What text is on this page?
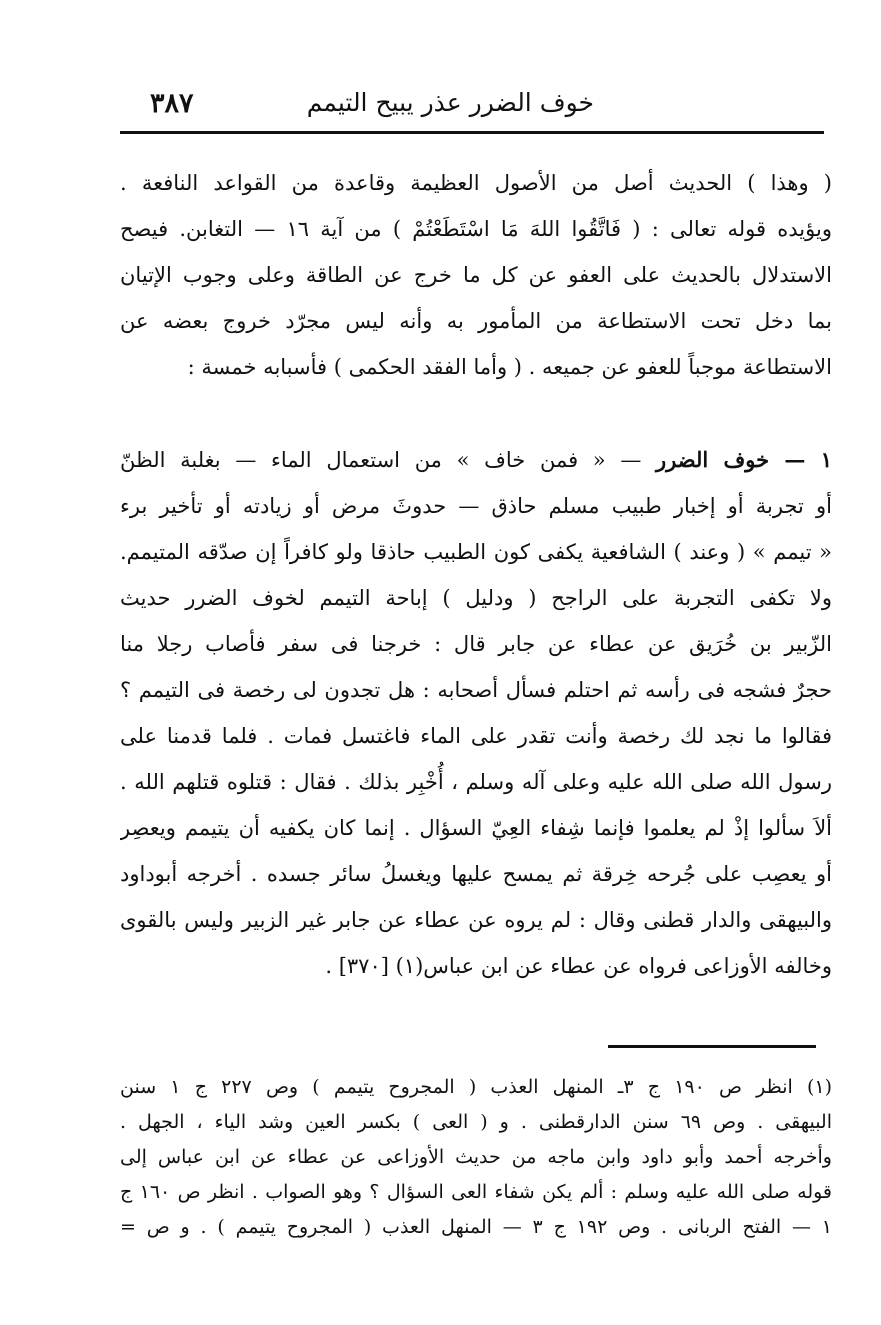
خوف الضرر عذر يبيح التيمم
٣٨٧
( وهذا ) الحديث أصل من الأصول العظيمة وقاعدة من القواعد النافعة .
ويؤيده قوله تعالى : ( فَاتَّقُوا اللهَ مَا اسْتَطَعْتُمْ ) من آية ١٦ — التغابن. فيصح
الاستدلال بالحديث على العفو عن كل ما خرج عن الطاقة وعلى وجوب الإتيان
بما دخل تحت الاستطاعة من المأمور به وأنه ليس مجرّد خروج بعضه عن
الاستطاعة موجباً للعفو عن جميعه . ( وأما الفقد الحكمى ) فأسبابه خمسة :
١ — خوف الضرر — « فمن خاف » من استعمال الماء — بغلبة الظنّ
أو تجربة أو إخبار طبيب مسلم حاذق — حدوثَ مرض أو زيادته أو تأخير برء
« تيمم » ( وعند ) الشافعية يكفى كون الطبيب حاذقا ولو كافراً إن صدّقه المتيمم.
ولا تكفى التجربة على الراجح ( ودليل ) إباحة التيمم لخوف الضرر حديث
الزّبير بن خُرَيق عن عطاء عن جابر قال : خرجنا فى سفر فأصاب رجلا منا
حجرٌ فشجه فى رأسه ثم احتلم فسأل أصحابه : هل تجدون لى رخصة فى التيمم ؟
فقالوا ما نجد لك رخصة وأنت تقدر على الماء فاغتسل فمات . فلما قدمنا على
رسول الله صلى الله عليه وعلى آله وسلم ، أُخْبِر بذلك . فقال : قتلوه قتلهم الله .
ألاَ سألوا إذْ لم يعلموا فإنما شِفاء العِيّ السؤال . إنما كان يكفيه أن يتيمم ويعصِر
أو يعصِب على جُرحه خِرقة ثم يمسح عليها ويغسلُ سائر جسده . أخرجه أبوداود
والبيهقى والدار قطنى وقال : لم يروه عن عطاء عن جابر غير الزبير وليس بالقوى
وخالفه الأوزاعى فرواه عن عطاء عن ابن عباس(١) [٣٧٠] .
(١) انظر ص ١٩٠ ج ٣ـ المنهل العذب ( المجروح يتيمم ) وص ٢٢٧ ج ١ سنن
البيهقى . وص ٦٩ سنن الدارقطنى . و ( العى ) بكسر العين وشد الياء ، الجهل .
وأخرجه أحمد وأبو داود وابن ماجه من حديث الأوزاعى عن عطاء عن ابن عباس إلى
قوله صلى الله عليه وسلم : ألم يكن شفاء العى السؤال ؟ وهو الصواب . انظر ص ١٦٠ ج
١ — الفتح الربانى . وص ١٩٢ ج ٣ — المنهل العذب ( المجروح يتيمم ) . و ص =
